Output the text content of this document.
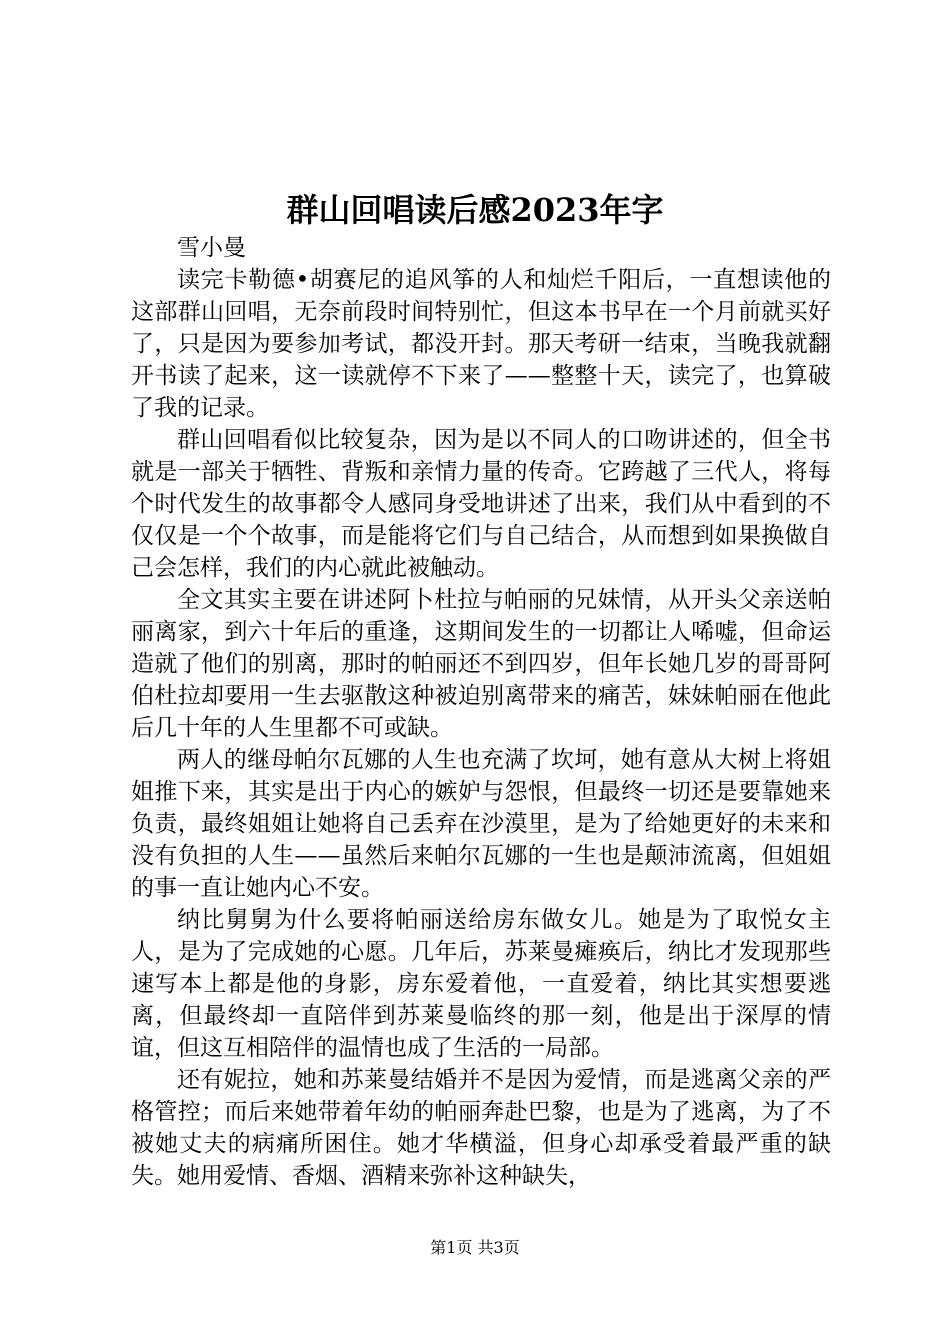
群山回唱读后感2023年字

雪小曼

读完卡勒德•胡赛尼的追风筝的人和灿烂千阳后，一直想读他的这部群山回唱，无奈前段时间特别忙，但这本书早在一个月前就买好了，只是因为要参加考试，都没开封。那天考研一结束，当晚我就翻开书读了起来，这一读就停不下来了——整整十天，读完了，也算破了我的记录。

群山回唱看似比较复杂，因为是以不同人的口吻讲述的，但全书就是一部关于牺牲、背叛和亲情力量的传奇。它跨越了三代人，将每个时代发生的故事都令人感同身受地讲述了出来，我们从中看到的不仅仅是一个个故事，而是能将它们与自己结合，从而想到如果换做自己会怎样，我们的内心就此被触动。

全文其实主要在讲述阿卜杜拉与帕丽的兄妹情，从开头父亲送帕丽离家，到六十年后的重逢，这期间发生的一切都让人唏嘘，但命运造就了他们的别离，那时的帕丽还不到四岁，但年长她几岁的哥哥阿伯杜拉却要用一生去驱散这种被迫别离带来的痛苦，妹妹帕丽在他此后几十年的人生里都不可或缺。

两人的继母帕尔瓦娜的人生也充满了坎坷，她有意从大树上将姐姐推下来，其实是出于内心的嫉妒与怨恨，但最终一切还是要靠她来负责，最终姐姐让她将自己丢弃在沙漠里，是为了给她更好的未来和没有负担的人生——虽然后来帕尔瓦娜的一生也是颠沛流离，但姐姐的事一直让她内心不安。

纳比舅舅为什么要将帕丽送给房东做女儿。她是为了取悦女主人，是为了完成她的心愿。几年后，苏莱曼瘫痪后，纳比才发现那些速写本上都是他的身影，房东爱着他，一直爱着，纳比其实想要逃离，但最终却一直陪伴到苏莱曼临终的那一刻，他是出于深厚的情谊，但这互相陪伴的温情也成了生活的一局部。

还有妮拉，她和苏莱曼结婚并不是因为爱情，而是逃离父亲的严格管控；而后来她带着年幼的帕丽奔赴巴黎，也是为了逃离，为了不被她丈夫的病痛所困住。她才华横溢，但身心却承受着最严重的缺失。她用爱情、香烟、酒精来弥补这种缺失，

第1页 共3页
